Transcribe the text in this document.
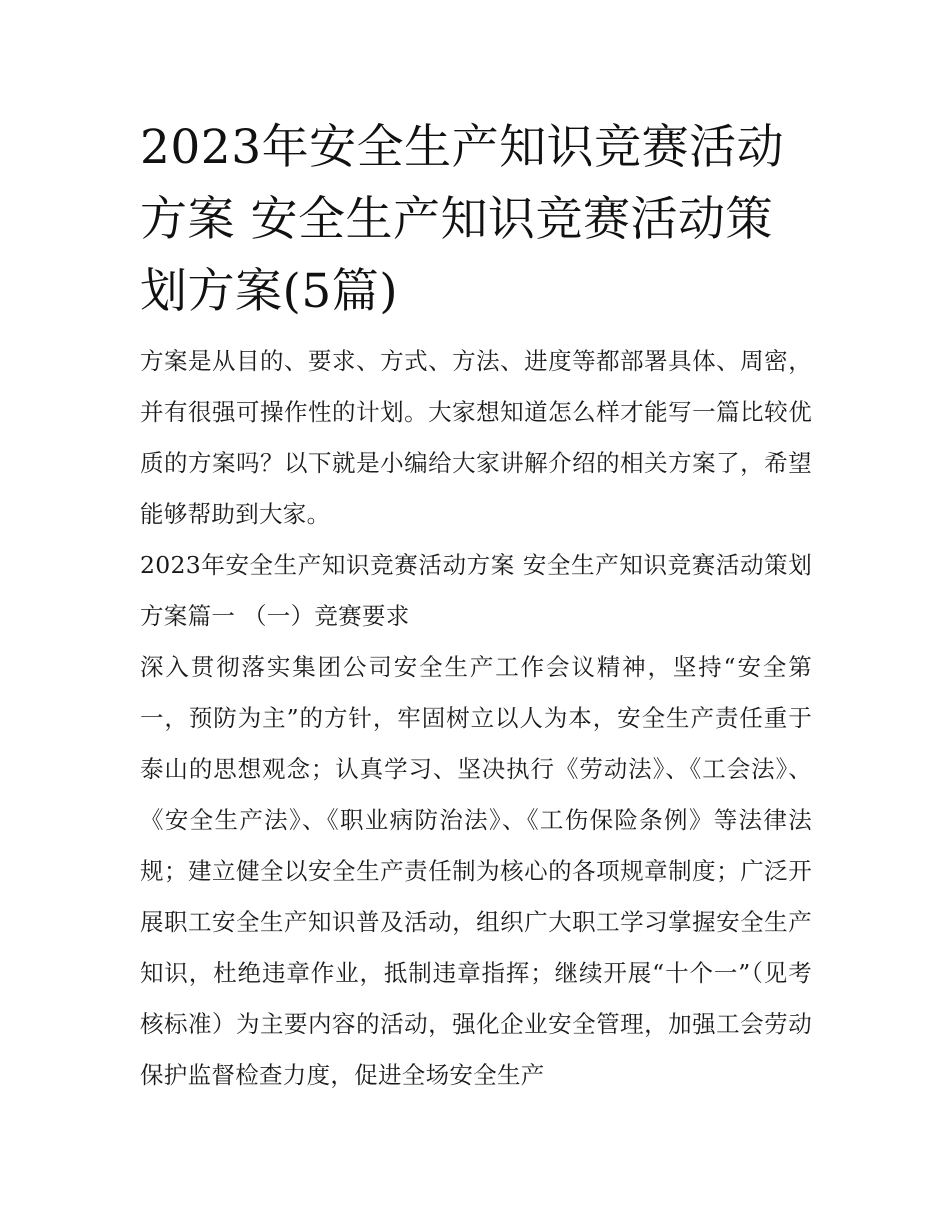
2023年安全生产知识竞赛活动方案 安全生产知识竞赛活动策划方案(5篇)

方案是从目的、要求、方式、方法、进度等都部署具体、周密，并有很强可操作性的计划。大家想知道怎么样才能写一篇比较优质的方案吗？以下就是小编给大家讲解介绍的相关方案了，希望能够帮助到大家。

2023年安全生产知识竞赛活动方案 安全生产知识竞赛活动策划方案篇一 （一）竞赛要求

深入贯彻落实集团公司安全生产工作会议精神，坚持“安全第一，预防为主”的方针，牢固树立以人为本，安全生产责任重于泰山的思想观念；认真学习、坚决执行《劳动法》、《工会法》、《安全生产法》、《职业病防治法》、《工伤保险条例》等法律法规；建立健全以安全生产责任制为核心的各项规章制度；广泛开展职工安全生产知识普及活动，组织广大职工学习掌握安全生产知识，杜绝违章作业，抵制违章指挥；继续开展“十个一”（见考核标准）为主要内容的活动，强化企业安全管理，加强工会劳动保护监督检查力度，促进全场安全生产
